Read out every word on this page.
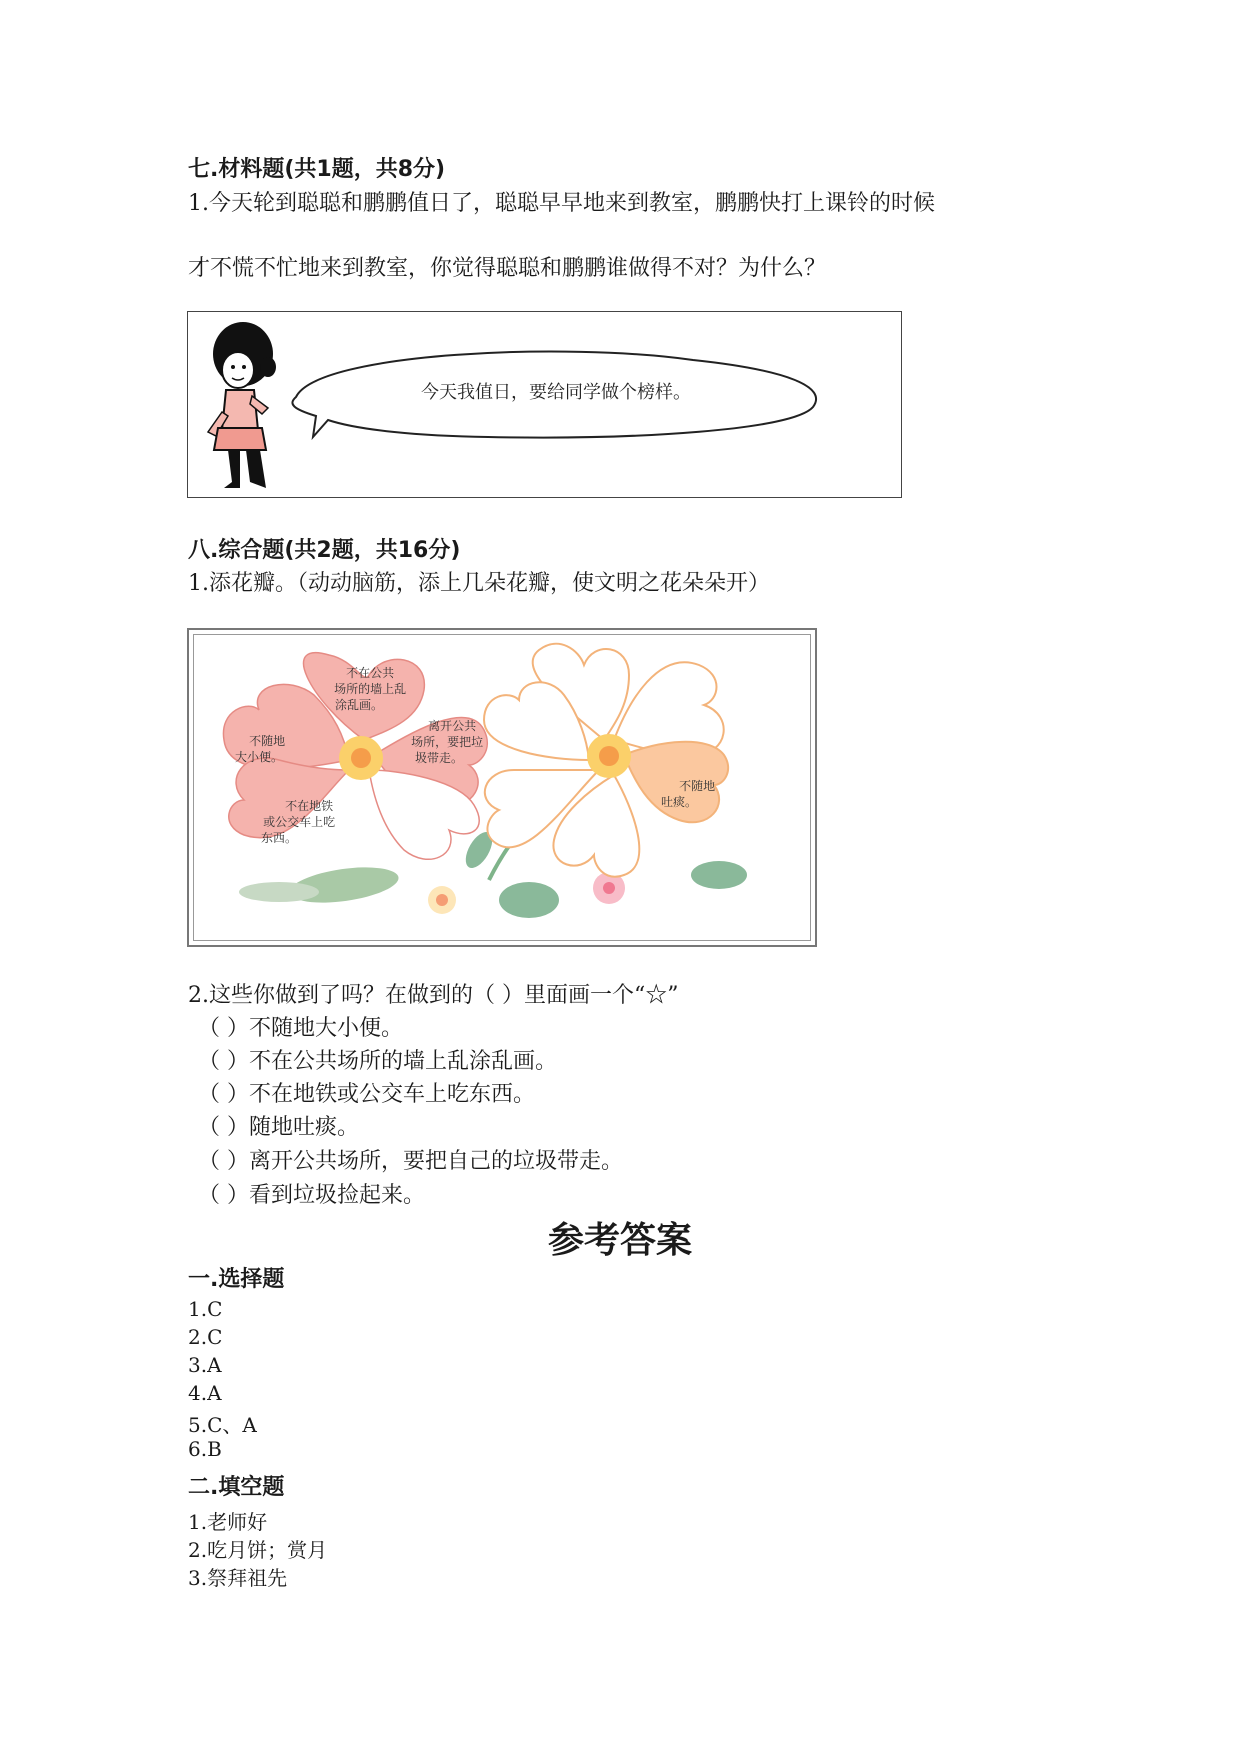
七.材料题(共1题，共8分)
1.今天轮到聪聪和鹏鹏值日了，聪聪早早地来到教室，鹏鹏快打上课铃的时候
才不慌不忙地来到教室，你觉得聪聪和鹏鹏谁做得不对？为什么？
今天我值日，要给同学做个榜样。
八.综合题(共2题，共16分)
1.添花瓣。（动动脑筋，添上几朵花瓣，使文明之花朵朵开）
不在公共 场所的墙上乱 涂乱画。
不随地 大小便。
离开公共 场所，要把垃 圾带走。
不在地铁 或公交车上吃 东西。
不随地 吐痰。
2.这些你做到了吗？在做到的（ ）里面画一个“☆”
（ ）不随地大小便。
（ ）不在公共场所的墙上乱涂乱画。
（ ）不在地铁或公交车上吃东西。
（ ）随地吐痰。
（ ）离开公共场所，要把自己的垃圾带走。
（ ）看到垃圾捡起来。
参考答案
一.选择题
1.C
2.C
3.A
4.A
5.C、A
6.B
二.填空题
1.老师好
2.吃月饼；赏月
3.祭拜祖先
